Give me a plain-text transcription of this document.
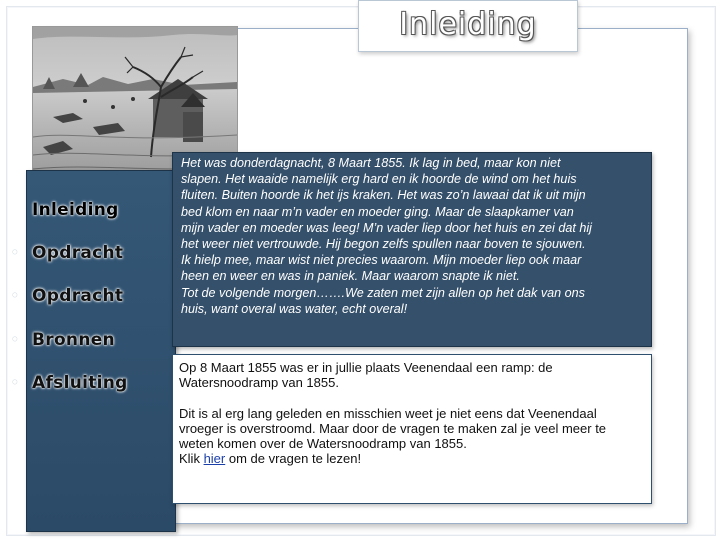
Inleiding
● Inleiding
◦ Opdracht
◦ Opdracht
◦ Bronnen
◦ Afsluiting

Het was donderdagnacht, 8 Maart 1855. Ik lag in bed, maar kon niet

slapen. Het waaide namelijk erg hard en ik hoorde de wind om het huis

fluiten. Buiten hoorde ik het ijs kraken. Het was zo’n lawaai dat ik uit mijn

bed klom en naar m’n vader en moeder ging. Maar de slaapkamer van

mijn vader en moeder was leeg! M’n vader liep door het huis en zei dat hij

het weer niet vertrouwde. Hij begon zelfs spullen naar boven te sjouwen.

Ik hielp mee, maar wist niet precies waarom. Mijn moeder liep ook maar

heen en weer en was in paniek. Maar waarom snapte ik niet.

Tot de volgende morgen…….We zaten met zijn allen op het dak van ons

huis, want overal was water, echt overal!

Op 8 Maart 1855 was er in jullie plaats Veenendaal een ramp: de

Watersnoodramp van 1855.

Dit is al erg lang geleden en misschien weet je niet eens dat Veenendaal

vroeger is overstroomd. Maar door de vragen te maken zal je veel meer te

weten komen over de Watersnoodramp van 1855.

Klik hier om de vragen te lezen!
